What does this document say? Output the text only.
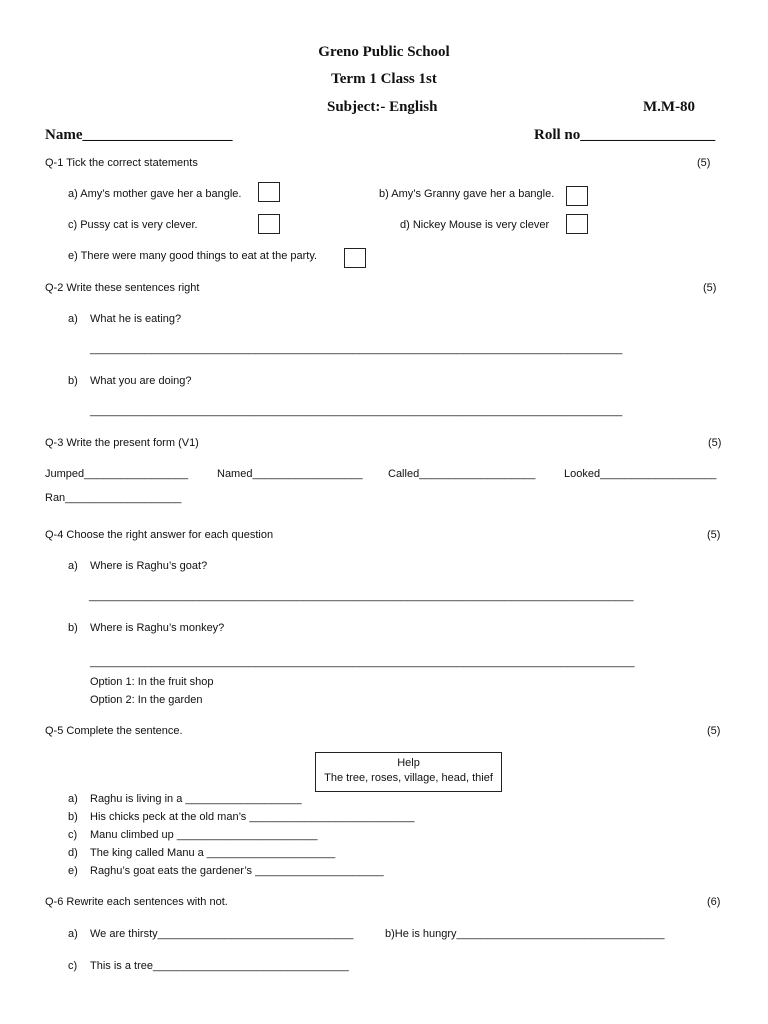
Greno Public School
Term 1 Class 1st
Subject:- English	M.M-80
Name____________________	Roll no__________________
Q-1 Tick the correct statements	(5)
a) Amy’s mother gave her a bangle.	b) Amy’s Granny gave her a bangle.
c) Pussy cat is very clever.	d) Nickey Mouse is very clever
e) There were many good things to eat at the party.
Q-2 Write these sentences right	(5)
a) What he is eating?
_______________________________________________________________________________________
b) What you are doing?
_______________________________________________________________________________________
Q-3 Write the present form (V1)	(5)
Jumped_________________	Named__________________ Called___________________	Looked___________________
Ran___________________
Q-4 Choose the right answer for each question	(5)
a) Where is Raghu’s goat?
_________________________________________________________________________________________
b) Where is Raghu’s monkey?
_________________________________________________________________________________________
Option 1: In the fruit shop
Option 2: In the garden
Q-5 Complete the sentence.	(5)
Help
The tree, roses, village, head, thief
a) Raghu is living in a ___________________
b) His chicks peck at the old man’s ___________________________
c) Manu climbed up _______________________
d) The king called Manu a _____________________
e) Raghu’s goat eats the gardener’s _____________________
Q-6 Rewrite each sentences with not.	(6)
a) We are thirsty________________________________	b)He is hungry__________________________________
c) This is a tree________________________________
